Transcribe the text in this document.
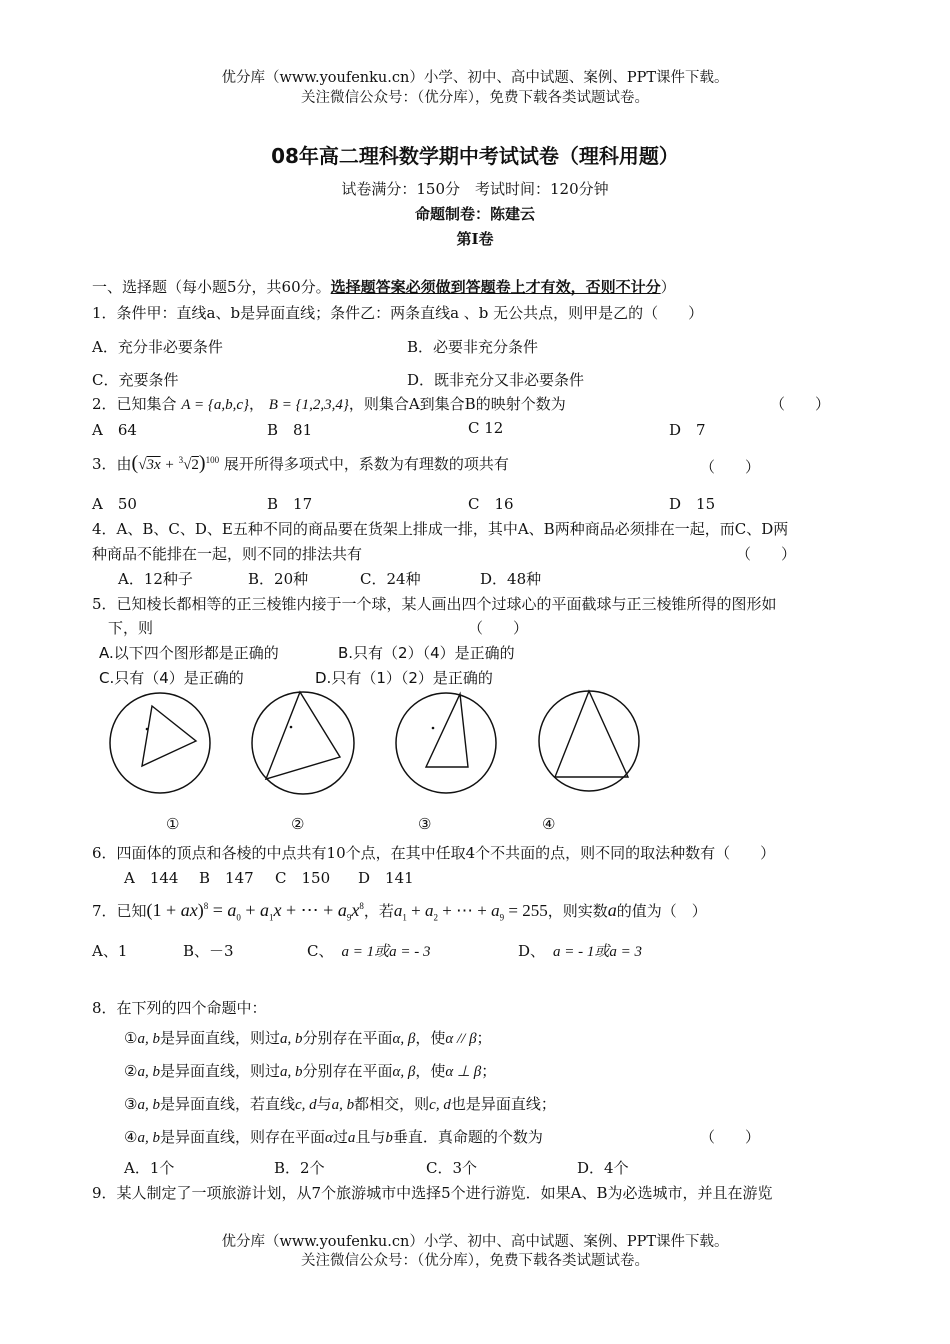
优分库（www.youfenku.cn）小学、初中、高中试题、案例、PPT课件下载。
关注微信公众号：（优分库），免费下载各类试题试卷。
08年高二理科数学期中考试试卷（理科用题）
试卷满分：150分　考试时间：120分钟
命题制卷：陈建云
第Ⅰ卷
一、选择题（每小题5分，共60分。选择题答案必须做到答题卷上才有效，否则不计分）
1．条件甲：直线a、b是异面直线；条件乙：两条直线a 、b 无公共点，则甲是乙的（　　）
A．充分非必要条件	B．必要非充分条件
C．充要条件	D．既非充分又非必要条件
2．已知集合 A = {a,b,c}， B = {1,2,3,4}，则集合A到集合B的映射个数为	（　　）
A　64	B　81	C 12	D　7
3．由$(√3x + ^3√2)^{100}$ 展开所得多项式中，系数为有理数的项共有	（　　）
A　50	B　17	C　16	D　15
4．A、B、C、D、E五种不同的商品要在货架上排成一排，其中A、B两种商品必须排在一起，而C、D两
种商品不能排在一起，则不同的排法共有	（　　）
A．12种子	B．20种	C．24种	D．48种
5．已知棱长都相等的正三棱锥内接于一个球，某人画出四个过球心的平面截球与正三棱锥所得的图形如
下，则	（　　）
A.以下四个图形都是正确的	B.只有（2）（4）是正确的
C.只有（4）是正确的	D.只有（1）（2）是正确的
①	②	③	④
6．四面体的顶点和各棱的中点共有10个点，在其中任取4个不共面的点，则不同的取法种数有（　　）
A　144 B　147 C　150 D　141
7．已知$(1 + ax)^8 = a_0 + a_1x$ + ⋯ + $a_9x^8$，若$a_1 + a_2$ + ⋯ + $a_9 = 255$，则实数a的值为（　）
A、1	B、－3	C、 a = 1或a = - 3	D、 a = - 1或a = 3
8．在下列的四个命题中：
①a, b是异面直线，则过a, b分别存在平面α, β，使α // β；
②a, b是异面直线，则过a, b分别存在平面α, β，使α ⊥ β；
③a, b是异面直线，若直线c, d与a, b都相交，则c, d也是异面直线；
④a, b是异面直线，则存在平面α过a且与b垂直．真命题的个数为	（　　）
A．1个	B．2个	C．3个	D．4个
9．某人制定了一项旅游计划，从7个旅游城市中选择5个进行游览．如果A、B为必选城市，并且在游览
优分库（www.youfenku.cn）小学、初中、高中试题、案例、PPT课件下载。
关注微信公众号：（优分库），免费下载各类试题试卷。
